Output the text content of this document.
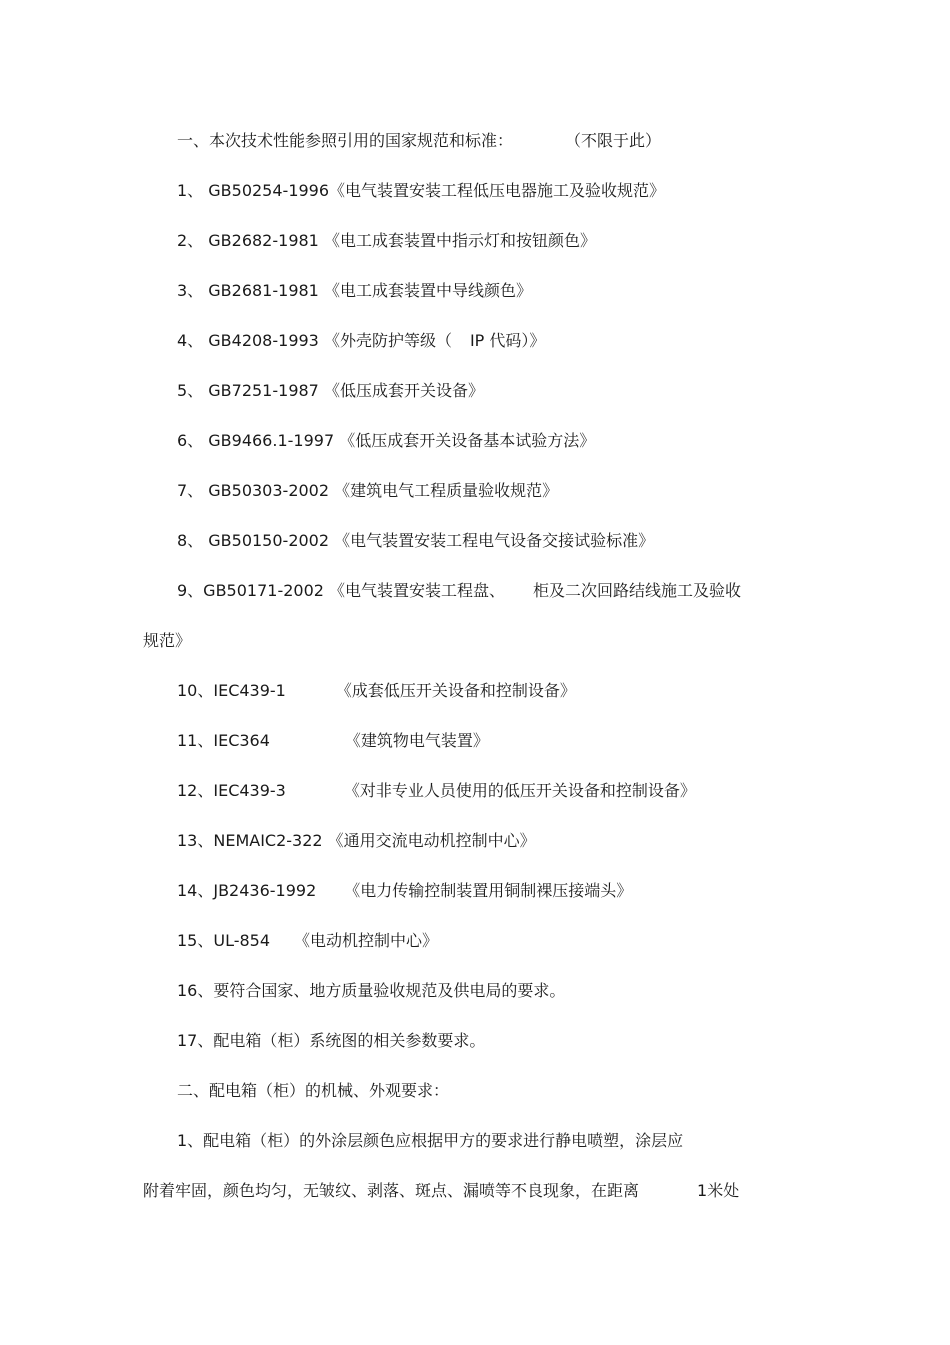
一、本次技术性能参照引用的国家规范和标准：	（不限于此）
1、 GB50254-1996《电气装置安装工程低压电器施工及验收规范》
2、 GB2682-1981 《电工成套装置中指示灯和按钮颜色》
3、 GB2681-1981 《电工成套装置中导线颜色》
4、 GB4208-1993 《外壳防护等级（ IP 代码）》
5、 GB7251-1987 《低压成套开关设备》
6、 GB9466.1-1997 《低压成套开关设备基本试验方法》
7、 GB50303-2002 《建筑电气工程质量验收规范》
8、 GB50150-2002 《电气装置安装工程电气设备交接试验标准》
9、GB50171-2002 《电气装置安装工程盘、 柜及二次回路结线施工及验收
规范》
10、IEC439-1	《成套低压开关设备和控制设备》
11、IEC364	《建筑物电气装置》
12、IEC439-3	《对非专业人员使用的低压开关设备和控制设备》
13、NEMAIC2-322 《通用交流电动机控制中心》
14、JB2436-1992 《电力传输控制装置用铜制裸压接端头》
15、UL-854 《电动机控制中心》
16、要符合国家、地方质量验收规范及供电局的要求。
17、配电箱（柜）系统图的相关参数要求。
二、配电箱（柜）的机械、外观要求：
1、配电箱（柜）的外涂层颜色应根据甲方的要求进行静电喷塑，涂层应
附着牢固，颜色均匀，无皱纹、剥落、斑点、漏喷等不良现象，在距离	1米处
